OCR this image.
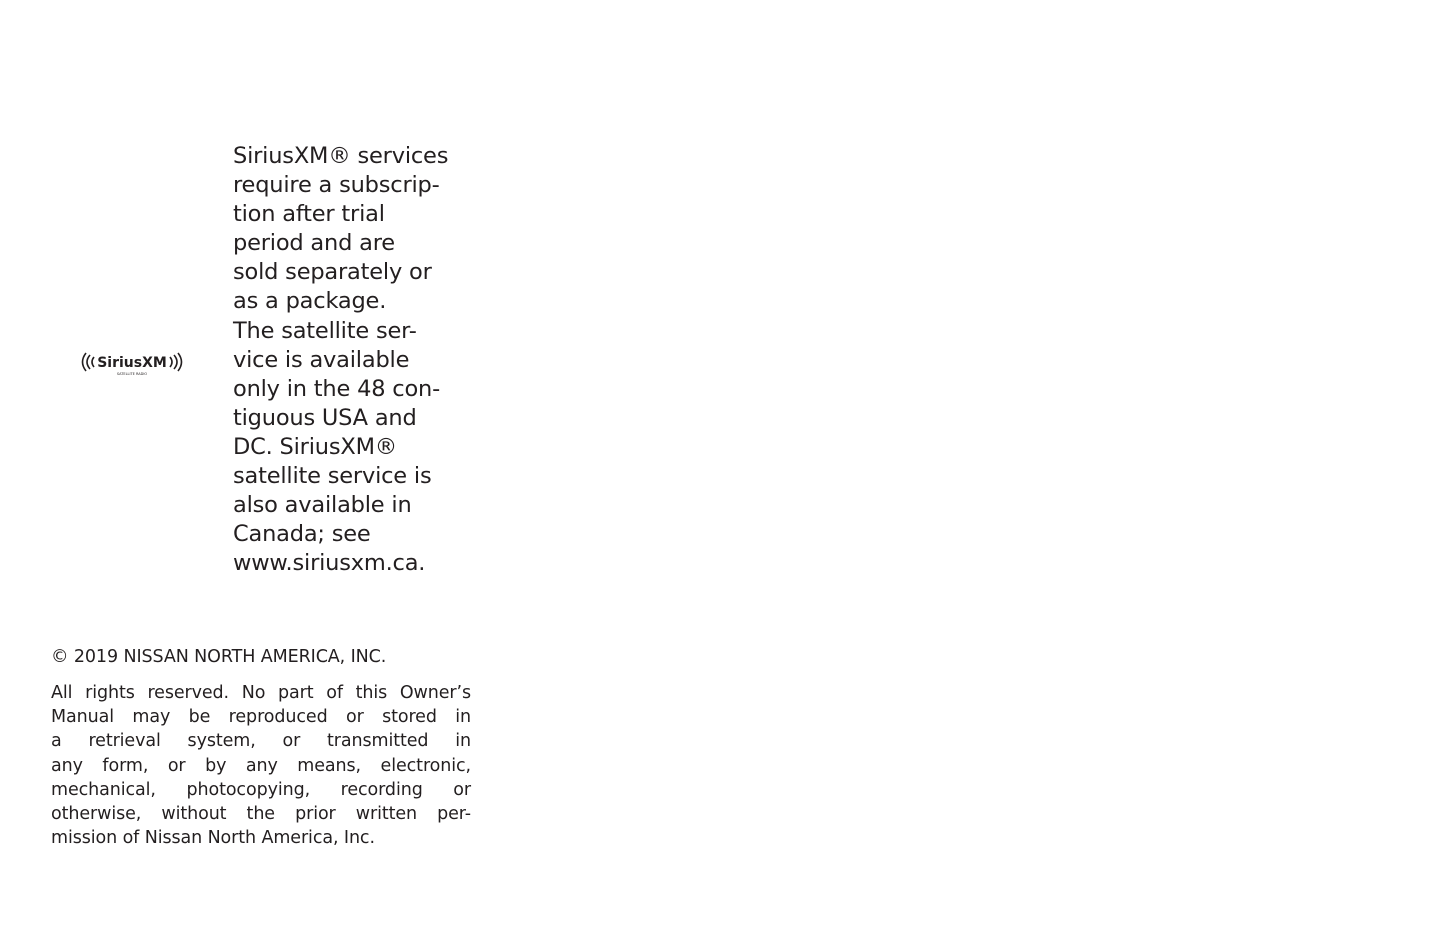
SiriusXM
SATELLITE RADIO
SiriusXM® services
require a subscrip-
tion after trial
period and are
sold separately or
as a package.
The satellite ser-
vice is available
only in the 48 con-
tiguous USA and
DC. SiriusXM®
satellite service is
also available in
Canada; see
www.siriusxm.ca.
© 2019 NISSAN NORTH AMERICA, INC.
All rights reserved. No part of this Owner’s
Manual may be reproduced or stored in
a retrieval system, or transmitted in
any form, or by any means, electronic,
mechanical, photocopying, recording or
otherwise, without the prior written per-
mission of Nissan North America, Inc.
